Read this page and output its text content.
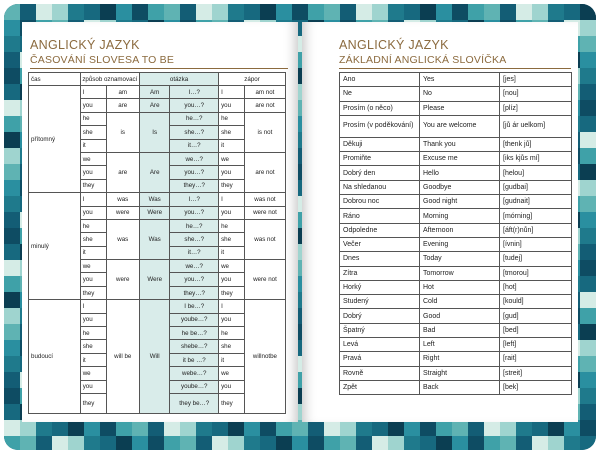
ANGLICKÝ JAZYK
ČASOVÁNÍ SLOVESA TO BE
čas	způsob oznamovací		otázka		zápor	
přítomný	I	am	Am	I…?	I	am not
	you	are	Are	you…?	you	are not
	he	is	Is	he…?	he	is not
	she			she…?	she	
	it			it…?	it	
	we	are	Are	we…?	we	are not
	you			you…?	you	
	they			they…?	they	
minulý	I	was	Was	I…?	I	was not
	you	were	Were	you…?	you	were not
	he	was	Was	he…?	he	was not
	she			she…?	she	
	it			it…?	it	
	we	were	Were	we…?	we	were not
	you			you…?	you	
	they			they…?	they	
budoucí	I	will be	Will	I be…?	I	willnotbe
	you			yoube…?	you	
	he			he be…?	he	
	she			shebe…?	she	
	it			it be …?	it	
	we			webe…?	we	
	you			yoube…?	you	
	they			they be…?	they	
ANGLICKÝ JAZYK
ZÁKLADNÍ ANGLICKÁ SLOVÍČKA
Ano	Yes	[jes]
Ne	No	[nou]
Prosím (o něco)	Please	[plíz]
Prosím (v poděkování)	You are welcome	[jů ár uelkom]
Děkuji	Thank you	[thenk jů]
Promiňte	Excuse me	[iks kjůs mí]
Dobrý den	Hello	[helou]
Na shledanou	Goodbye	[gudbai]
Dobrou noc	Good night	[gudnait]
Ráno	Morning	[mórning]
Odpoledne	Afternoon	[áft(r)nůn]
Večer	Evening	[ívnin]
Dnes	Today	[tudej]
Zítra	Tomorrow	[tmorou]
Horký	Hot	[hot]
Studený	Cold	[kould]
Dobrý	Good	[gud]
Špatný	Bad	[bed]
Levá	Left	[left]
Pravá	Right	[rait]
Rovně	Straight	[streit]
Zpět	Back	[bek]
